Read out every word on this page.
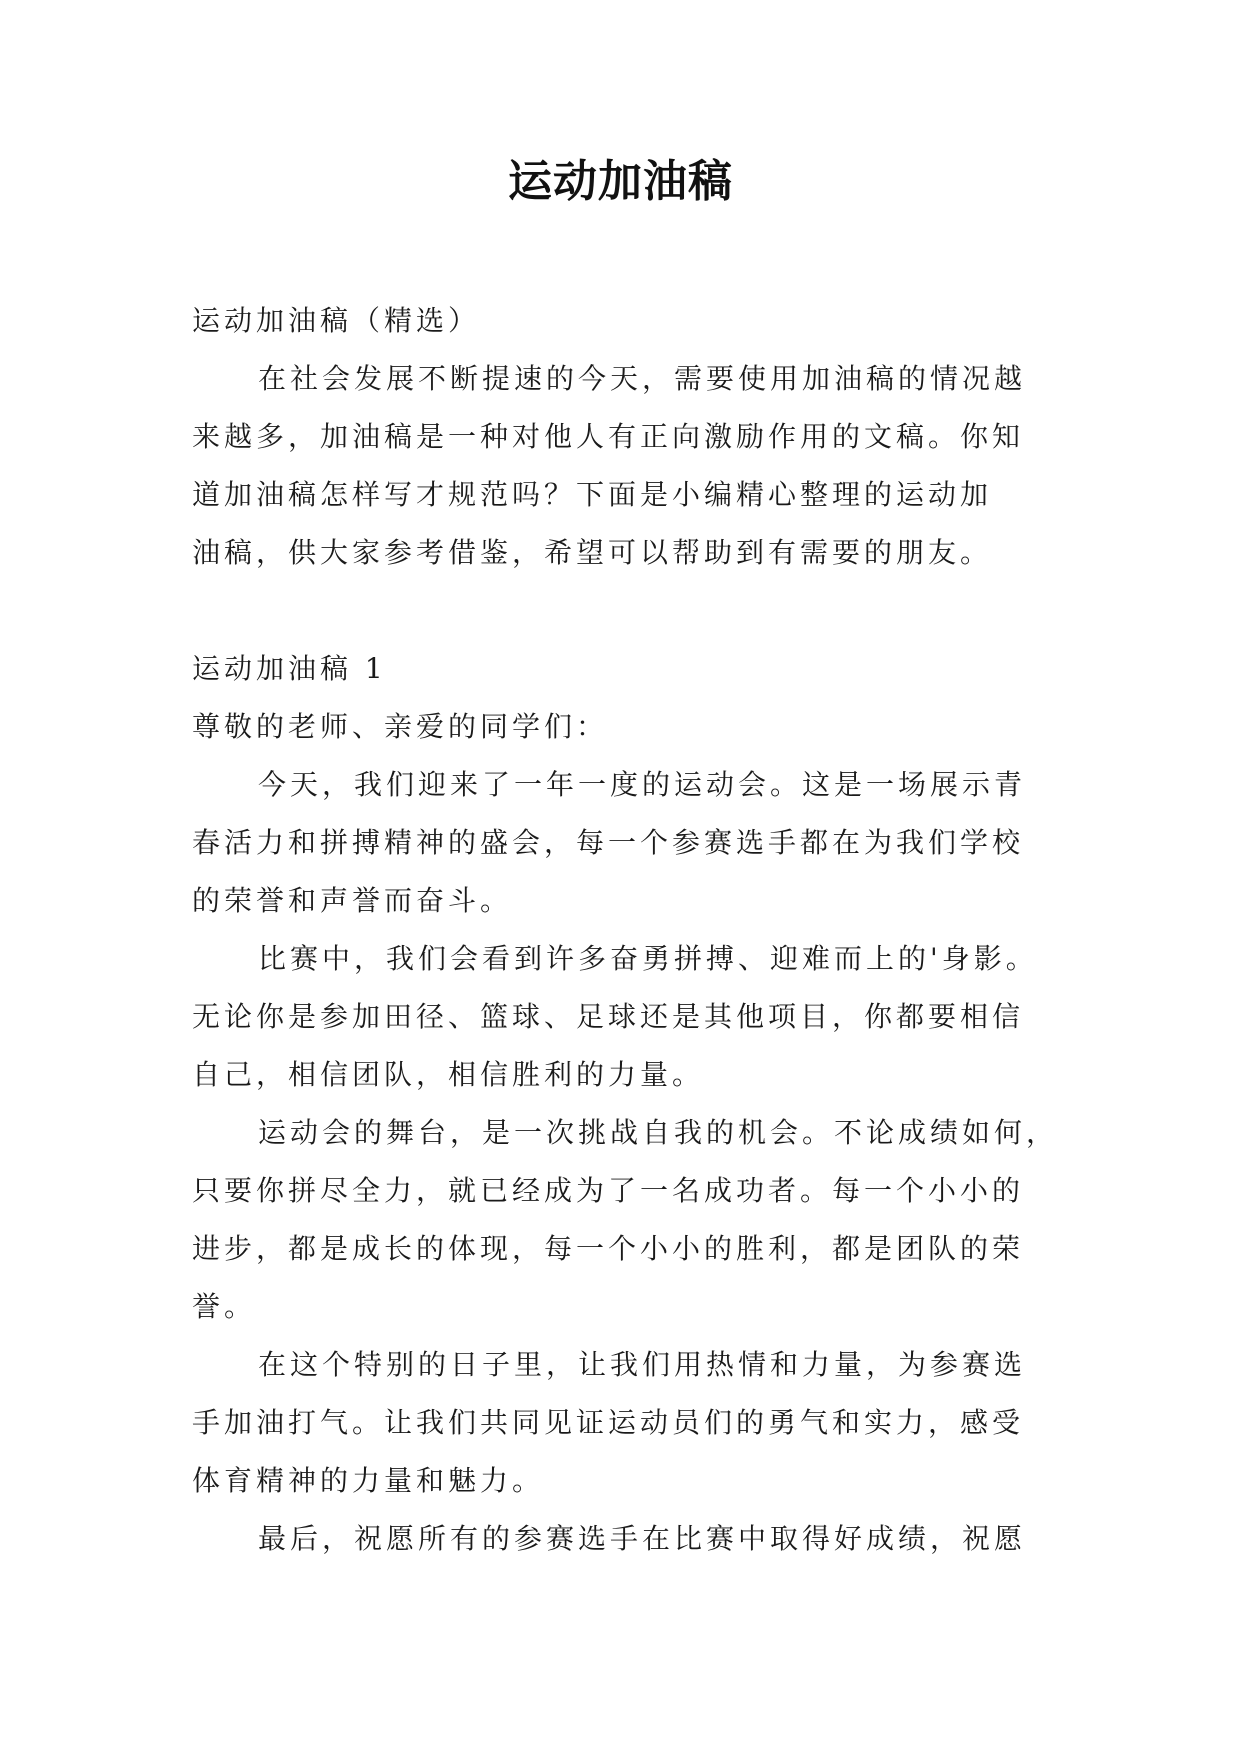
运动加油稿

运动加油稿（精选）

在社会发展不断提速的今天，需要使用加油稿的情况越

来越多，加油稿是一种对他人有正向激励作用的文稿。你知

道加油稿怎样写才规范吗？下面是小编精心整理的运动加

油稿，供大家参考借鉴，希望可以帮助到有需要的朋友。

运动加油稿 1

尊敬的老师、亲爱的同学们：

今天，我们迎来了一年一度的运动会。这是一场展示青

春活力和拼搏精神的盛会，每一个参赛选手都在为我们学校

的荣誉和声誉而奋斗。

比赛中，我们会看到许多奋勇拼搏、迎难而上的'身影。

无论你是参加田径、篮球、足球还是其他项目，你都要相信

自己，相信团队，相信胜利的力量。

运动会的舞台，是一次挑战自我的机会。不论成绩如何，

只要你拼尽全力，就已经成为了一名成功者。每一个小小的

进步，都是成长的体现，每一个小小的胜利，都是团队的荣

誉。

在这个特别的日子里，让我们用热情和力量，为参赛选

手加油打气。让我们共同见证运动员们的勇气和实力，感受

体育精神的力量和魅力。

最后，祝愿所有的参赛选手在比赛中取得好成绩，祝愿
